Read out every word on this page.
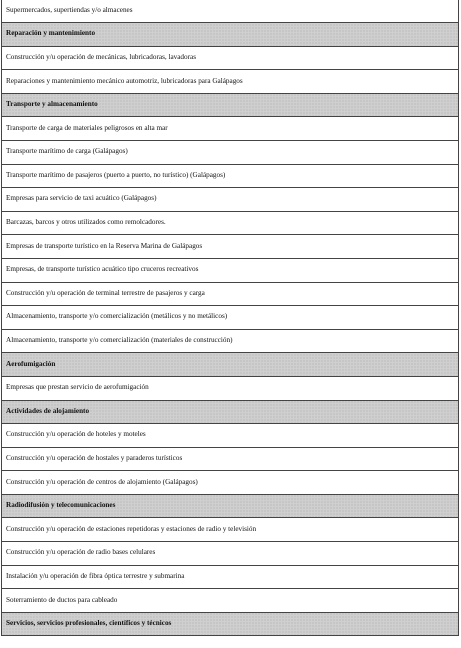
Supermercados, supertiendas y/o almacenes
Reparación y mantenimiento
Construcción y/u operación de mecánicas, lubricadoras, lavadoras
Reparaciones y mantenimiento mecánico automotriz, lubricadoras para Galápagos
Transporte y almacenamiento
Transporte de carga de materiales peligrosos en alta mar
Transporte marítimo de carga (Galápagos)
Transporte marítimo de pasajeros (puerto a puerto, no turístico) (Galápagos)
Empresas para servicio de taxi acuático (Galápagos)
Barcazas, barcos y otros utilizados como remolcadores.
Empresas de transporte turístico en la Reserva Marina de Galápagos
Empresas, de transporte turístico acuático tipo cruceros recreativos
Construcción y/u operación de terminal terrestre de pasajeros y carga
Almacenamiento, transporte y/o comercialización (metálicos y no metálicos)
Almacenamiento, transporte y/o comercialización (materiales de construcción)
Aerofumigación
Empresas que prestan servicio de aerofumigación
Actividades de alojamiento
Construcción y/u operación de hoteles y moteles
Construcción y/u operación de hostales y paraderos turísticos
Construcción y/u operación de centros de alojamiento (Galápagos)
Radiodifusión y telecomunicaciones
Construcción y/u operación de estaciones repetidoras y estaciones de radio y televisión
Construcción y/u operación de radio bases celulares
Instalación y/u operación de fibra óptica terrestre y submarina
Soterramiento de ductos para cableado
Servicios, servicios profesionales, científicos y técnicos
